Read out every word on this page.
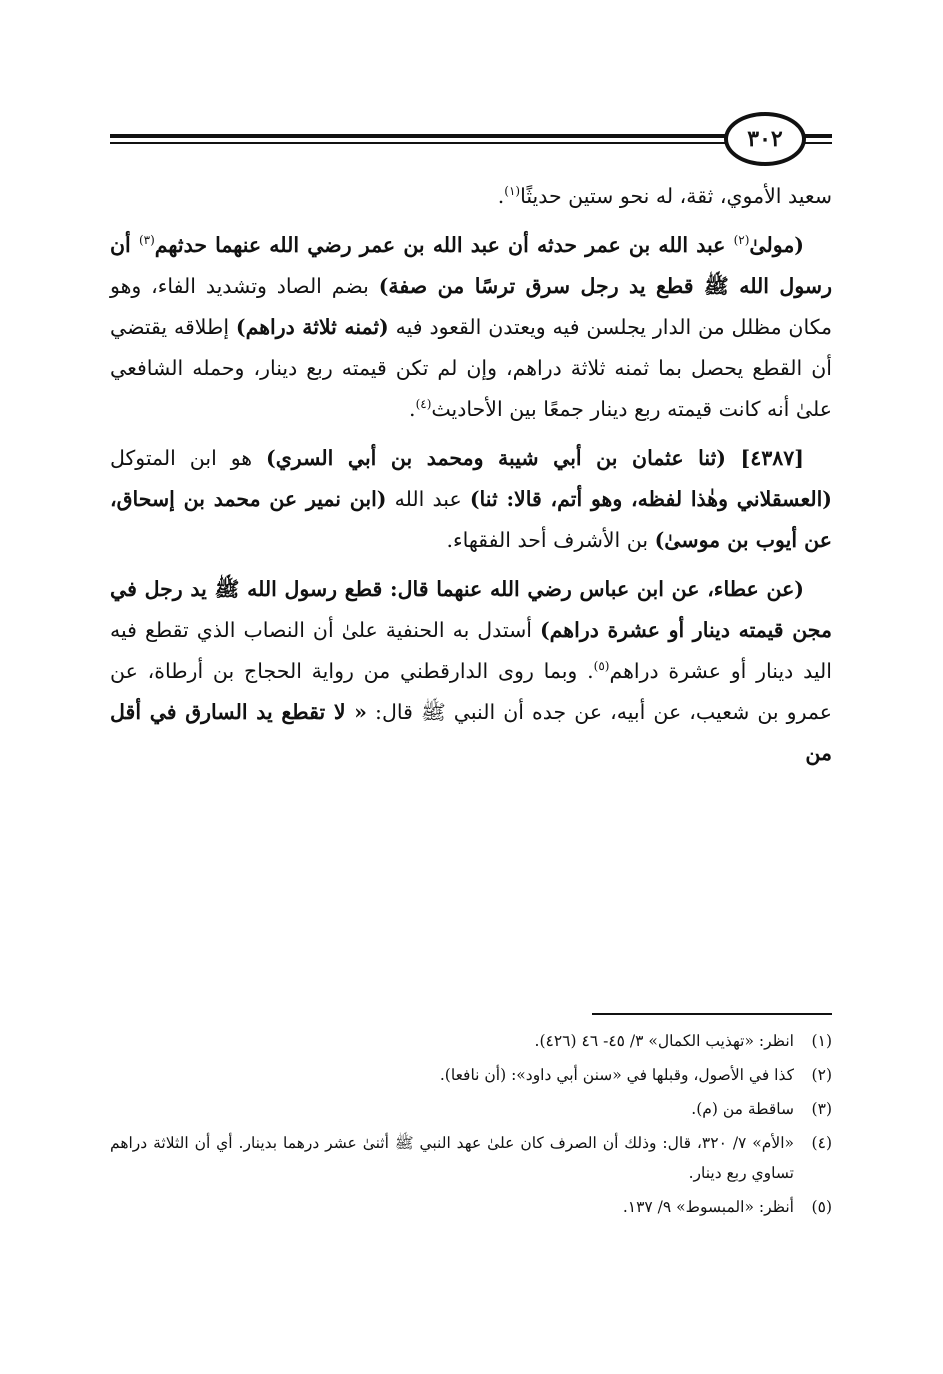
٣٠٢

سعيد الأموي، ثقة، له نحو ستين حديثًا$^{(١)}$.

(مولىٰ$^{(٢)}$ عبد الله بن عمر حدثه أن عبد الله بن عمر رضي الله عنهما حدثهم$^{(٣)}$ أن رسول الله ﷺ قطع يد رجل سرق ترسًا من صفة) بضم الصاد وتشديد الفاء، وهو مكان مظلل من الدار يجلسن فيه ويعتدن القعود فيه (ثمنه ثلاثة دراهم) إطلاقه يقتضي أن القطع يحصل بما ثمنه ثلاثة دراهم، وإن لم تكن قيمته ربع دينار، وحمله الشافعي علىٰ أنه كانت قيمته ربع دينار جمعًا بين الأحاديث$^{(٤)}$.

[٤٣٨٧] (ثنا عثمان بن أبي شيبة ومحمد بن أبي السري) هو ابن المتوكل (العسقلاني وهٰذا لفظه، وهو أتم، قالا: ثنا) عبد الله (ابن نمير عن محمد بن إسحاق، عن أيوب بن موسىٰ) بن الأشرف أحد الفقهاء.

(عن عطاء، عن ابن عباس رضي الله عنهما قال: قطع رسول الله ﷺ يد رجل في مجن قيمته دينار أو عشرة دراهم) أستدل به الحنفية علىٰ أن النصاب الذي تقطع فيه اليد دينار أو عشرة دراهم$^{(٥)}$. وبما روى الدارقطني من رواية الحجاج بن أرطاة، عن عمرو بن شعيب، عن أبيه، عن جده أن النبي ﷺ قال: « لا تقطع يد السارق في أقل من

(١)
انظر: «تهذيب الكمال» ٣/ ٤٥- ٤٦ (٤٢٦).
(٢)
كذا في الأصول، وقبلها في «سنن أبي داود»: (أن نافعا).
(٣)
ساقطة من (م).
(٤)
«الأم» ٧/ ٣٢٠، قال: وذلك أن الصرف كان علىٰ عهد النبي ﷺ أثنىٰ عشر درهما بدينار. أي أن الثلاثة دراهم تساوي ربع دينار.
(٥)
أنظر: «المبسوط» ٩/ ١٣٧.
